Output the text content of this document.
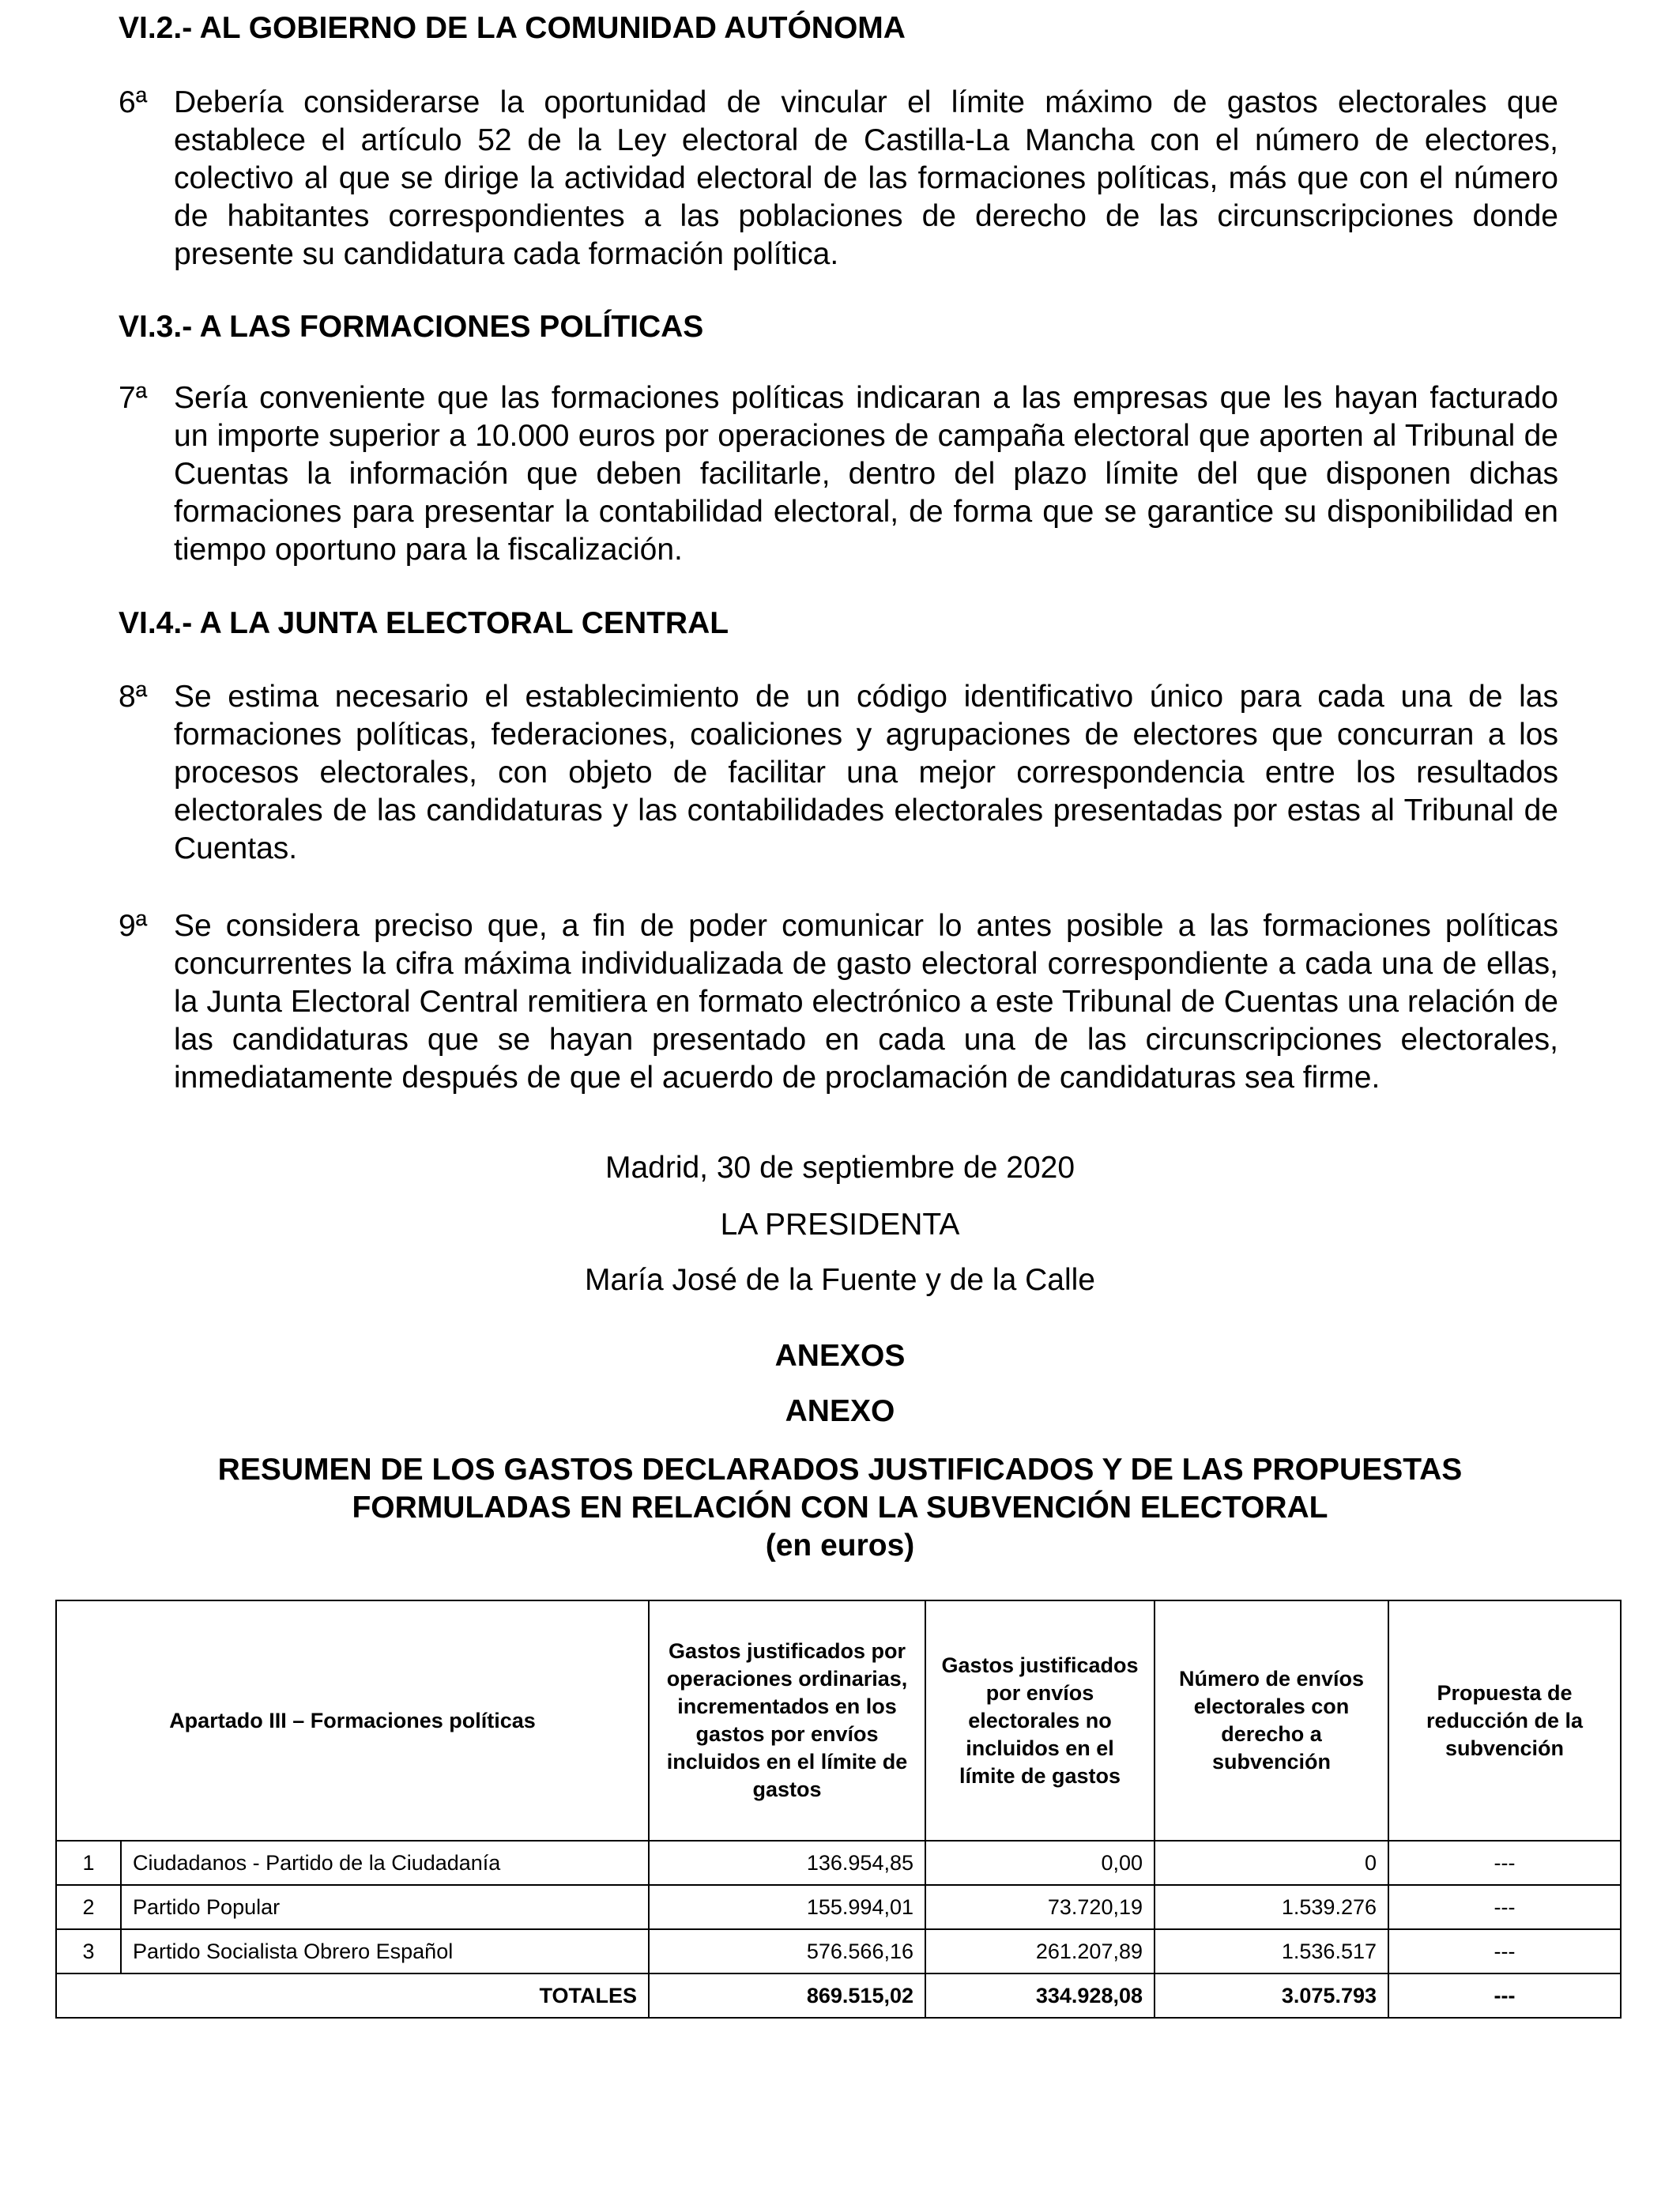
VI.2.- AL GOBIERNO DE LA COMUNIDAD AUTÓNOMA
6ª Debería considerarse la oportunidad de vincular el límite máximo de gastos electorales que establece el artículo 52 de la Ley electoral de Castilla-La Mancha con el número de electores, colectivo al que se dirige la actividad electoral de las formaciones políticas, más que con el número de habitantes correspondientes a las poblaciones de derecho de las circunscripciones donde presente su candidatura cada formación política.
VI.3.- A LAS FORMACIONES POLÍTICAS
7ª Sería conveniente que las formaciones políticas indicaran a las empresas que les hayan facturado un importe superior a 10.000 euros por operaciones de campaña electoral que aporten al Tribunal de Cuentas la información que deben facilitarle, dentro del plazo límite del que disponen dichas formaciones para presentar la contabilidad electoral, de forma que se garantice su disponibilidad en tiempo oportuno para la fiscalización.
VI.4.- A LA JUNTA ELECTORAL CENTRAL
8ª Se estima necesario el establecimiento de un código identificativo único para cada una de las formaciones políticas, federaciones, coaliciones y agrupaciones de electores que concurran a los procesos electorales, con objeto de facilitar una mejor correspondencia entre los resultados electorales de las candidaturas y las contabilidades electorales presentadas por estas al Tribunal de Cuentas.
9ª Se considera preciso que, a fin de poder comunicar lo antes posible a las formaciones políticas concurrentes la cifra máxima individualizada de gasto electoral correspondiente a cada una de ellas, la Junta Electoral Central remitiera en formato electrónico a este Tribunal de Cuentas una relación de las candidaturas que se hayan presentado en cada una de las circunscripciones electorales, inmediatamente después de que el acuerdo de proclamación de candidaturas sea firme.
Madrid, 30 de septiembre de 2020
LA PRESIDENTA
María José de la Fuente y de la Calle
ANEXOS
ANEXO
RESUMEN DE LOS GASTOS DECLARADOS JUSTIFICADOS Y DE LAS PROPUESTAS
FORMULADAS EN RELACIÓN CON LA SUBVENCIÓN ELECTORAL
(en euros)
Apartado III – Formaciones políticas		Gastos justificados por operaciones ordinarias, incrementados en los gastos por envíos incluidos en el límite de gastos	Gastos justificados por envíos electorales no incluidos en el límite de gastos	Número de envíos electorales con derecho a subvención	Propuesta de reducción de la subvención
1	Ciudadanos - Partido de la Ciudadanía	136.954,85	0,00	0	---
2	Partido Popular	155.994,01	73.720,19	1.539.276	---
3	Partido Socialista Obrero Español	576.566,16	261.207,89	1.536.517	---
TOTALES		869.515,02	334.928,08	3.075.793	---
